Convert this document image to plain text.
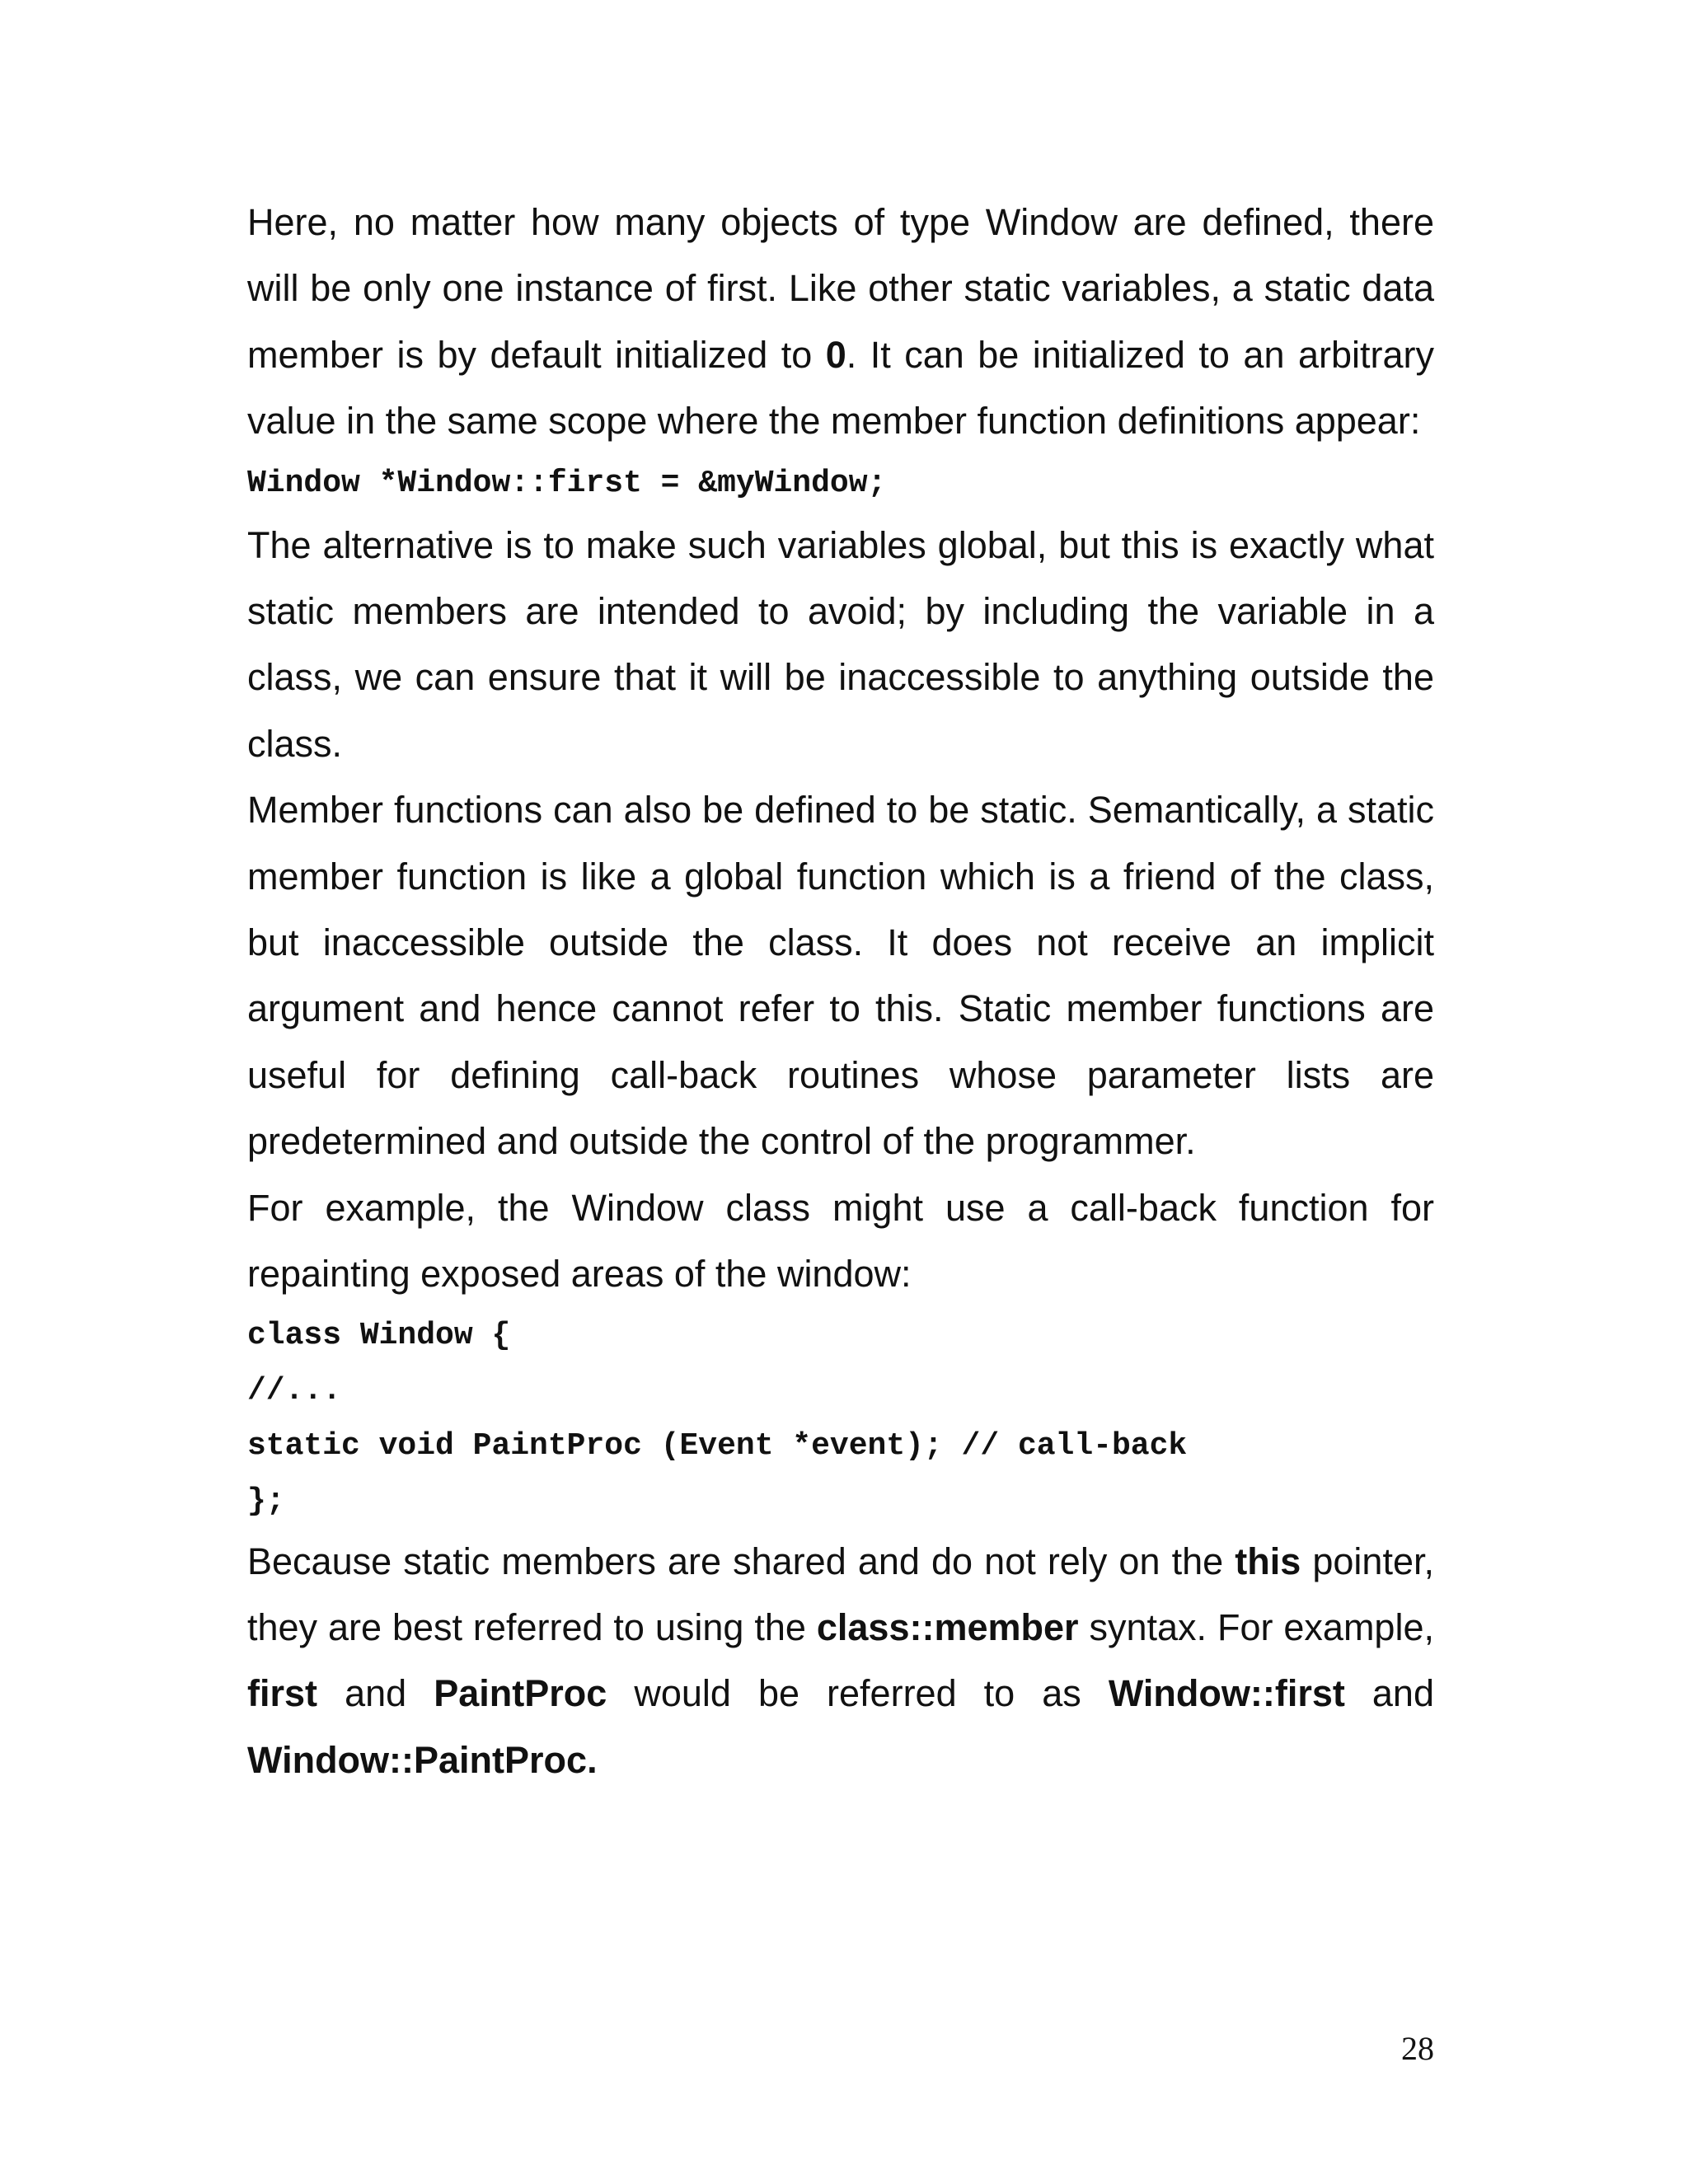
Here, no matter how many objects of type Window are defined, there will be only one instance of first. Like other static variables, a static data member is by default initialized to 0. It can be initialized to an arbitrary value in the same scope where the member function definitions appear:

Window *Window::first = &myWindow;

The alternative is to make such variables global, but this is exactly what static members are intended to avoid; by including the variable in a class, we can ensure that it will be inaccessible to anything outside the class.

Member functions can also be defined to be static. Semantically, a static member function is like a global function which is a friend of the class, but inaccessible outside the class. It does not receive an implicit argument and hence cannot refer to this. Static member functions are useful for defining call-back routines whose parameter lists are predetermined and outside the control of the programmer.

For example, the Window class might use a call-back function for repainting exposed areas of the window:

class Window {
//...
static void PaintProc (Event *event); // call-back
};

Because static members are shared and do not rely on the this pointer, they are best referred to using the class::member syntax. For example, first and PaintProc would be referred to as Window::first and Window::PaintProc.

28
